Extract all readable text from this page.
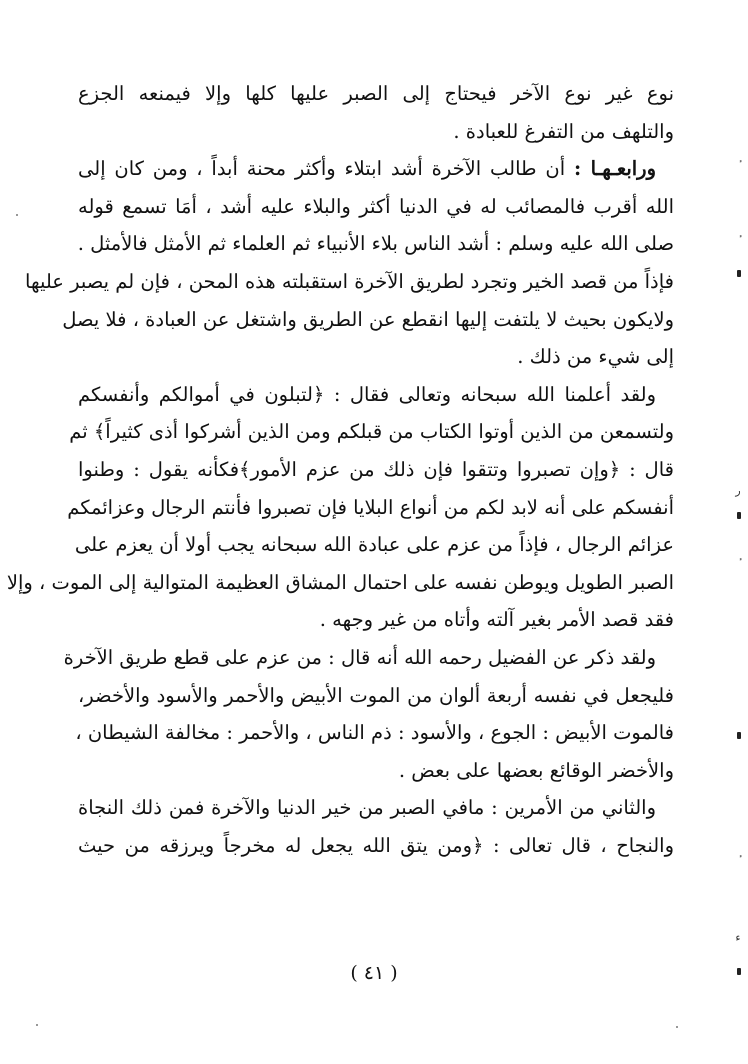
نوع غير نوع الآخر فيحتاج إلى الصبر عليها كلها وإلا فيمنعه الجزع
والتلهف من التفرغ للعبادة .
ورابعـهـا : أن طالب الآخرة أشد ابتلاء وأكثر محنة أبداً ، ومن كان إلى
الله أقرب فالمصائب له في الدنيا أكثر والبلاء عليه أشد ، أمَا تسمع قوله
صلى الله عليه وسلم : أشد الناس بلاء الأنبياء ثم العلماء ثم الأمثل فالأمثل .
فإذاً من قصد الخير وتجرد لطريق الآخرة استقبلته هذه المحن ، فإن لم يصبر عليها
ولايكون بحيث لا يلتفت إليها انقطع عن الطريق واشتغل عن العبادة ، فلا يصل
إلى شيء من ذلك .
ولقد أعلمنا الله سبحانه وتعالى فقال : ﴿لتبلون في أموالكم وأنفسكم
ولتسمعن من الذين أوتوا الكتاب من قبلكم ومن الذين أشركوا أذى كثيراً﴾ ثم
قال : ﴿وإن تصبروا وتتقوا فإن ذلك من عزم الأمور﴾فكأنه يقول : وطنوا
أنفسكم على أنه لابد لكم من أنواع البلايا فإن تصبروا فأنتم الرجال وعزائمكم
عزائم الرجال ، فإذاً من عزم على عبادة الله سبحانه يجب أولا أن يعزم على
الصبر الطويل ويوطن نفسه على احتمال المشاق العظيمة المتوالية إلى الموت ، وإلا
فقد قصد الأمر بغير آلته وأتاه من غير وجهه .
ولقد ذكر عن الفضيل رحمه الله أنه قال : من عزم على قطع طريق الآخرة
فليجعل في نفسه أربعة ألوان من الموت الأبيض والأحمر والأسود والأخضر،
فالموت الأبيض : الجوع ، والأسود : ذم الناس ، والأحمر : مخالفة الشيطان ،
والأخضر الوقائع بعضها على بعض .
والثاني من الأمرين : مافي الصبر من خير الدنيا والآخرة فمن ذلك النجاة
والنجاح ، قال تعالى : ﴿ومن يتق الله يجعل له مخرجاً ويرزقه من حيث
( ٤١ )
ر
ء
